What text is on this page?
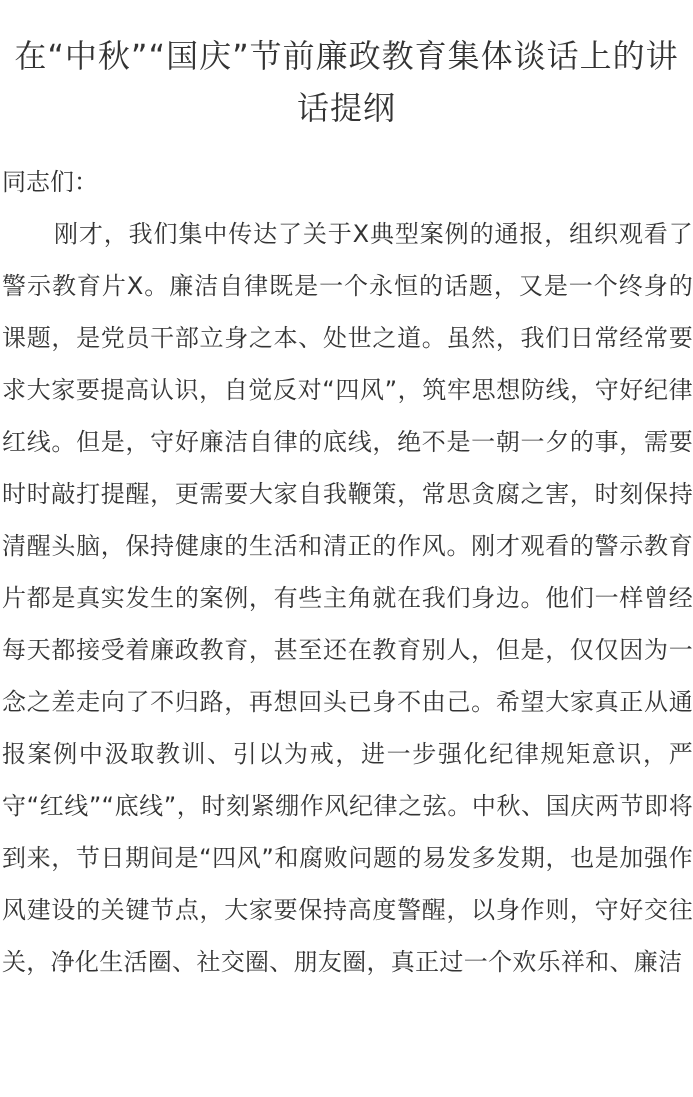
在“中秋”“国庆”节前廉政教育集体谈话上的讲话提纲
同志们：

刚才，我们集中传达了关于X典型案例的通报，组织观看了警示教育片X。廉洁自律既是一个永恒的话题，又是一个终身的课题，是党员干部立身之本、处世之道。虽然，我们日常经常要求大家要提高认识，自觉反对“四风”，筑牢思想防线，守好纪律红线。但是，守好廉洁自律的底线，绝不是一朝一夕的事，需要时时敲打提醒，更需要大家自我鞭策，常思贪腐之害，时刻保持清醒头脑，保持健康的生活和清正的作风。刚才观看的警示教育片都是真实发生的案例，有些主角就在我们身边。他们一样曾经每天都接受着廉政教育，甚至还在教育别人，但是，仅仅因为一念之差走向了不归路，再想回头已身不由己。希望大家真正从通报案例中汲取教训、引以为戒，进一步强化纪律规矩意识，严守“红线”“底线”，时刻紧绷作风纪律之弦。中秋、国庆两节即将到来，节日期间是“四风”和腐败问题的易发多发期，也是加强作风建设的关键节点，大家要保持高度警醒，以身作则，守好交往关，净化生活圈、社交圈、朋友圈，真正过一个欢乐祥和、廉洁
